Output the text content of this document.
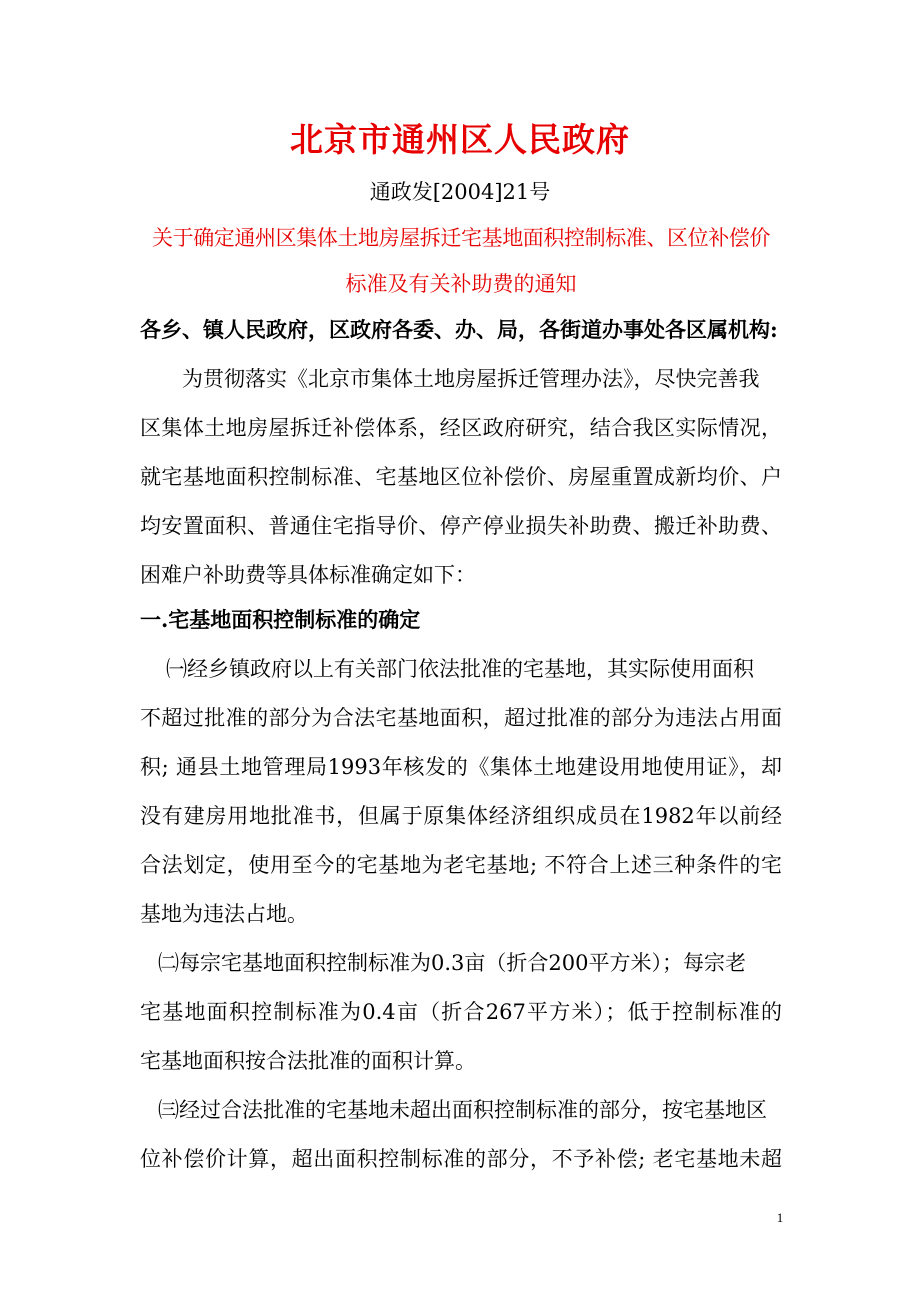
北京市通州区人民政府
通政发[2004]21号
关于确定通州区集体土地房屋拆迁宅基地面积控制标准、区位补偿价
标准及有关补助费的通知
各乡、镇人民政府，区政府各委、办、局，各街道办事处各区属机构:
为贯彻落实《北京市集体土地房屋拆迁管理办法》，尽快完善我
区集体土地房屋拆迁补偿体系，经区政府研究，结合我区实际情况，
就宅基地面积控制标准、宅基地区位补偿价、房屋重置成新均价、户
均安置面积、普通住宅指导价、停产停业损失补助费、搬迁补助费、
困难户补助费等具体标准确定如下：
一.宅基地面积控制标准的确定
㈠经乡镇政府以上有关部门依法批准的宅基地，其实际使用面积
不超过批准的部分为合法宅基地面积，超过批准的部分为违法占用面
积; 通县土地管理局1993年核发的《集体土地建设用地使用证》，却
没有建房用地批准书，但属于原集体经济组织成员在1982年以前经
合法划定，使用至今的宅基地为老宅基地; 不符合上述三种条件的宅
基地为违法占地。
㈡每宗宅基地面积控制标准为0.3亩（折合200平方米）；每宗老
宅基地面积控制标准为0.4亩（折合267平方米）；低于控制标准的
宅基地面积按合法批准的面积计算。
㈢经过合法批准的宅基地未超出面积控制标准的部分，按宅基地区
位补偿价计算，超出面积控制标准的部分，不予补偿; 老宅基地未超
1
